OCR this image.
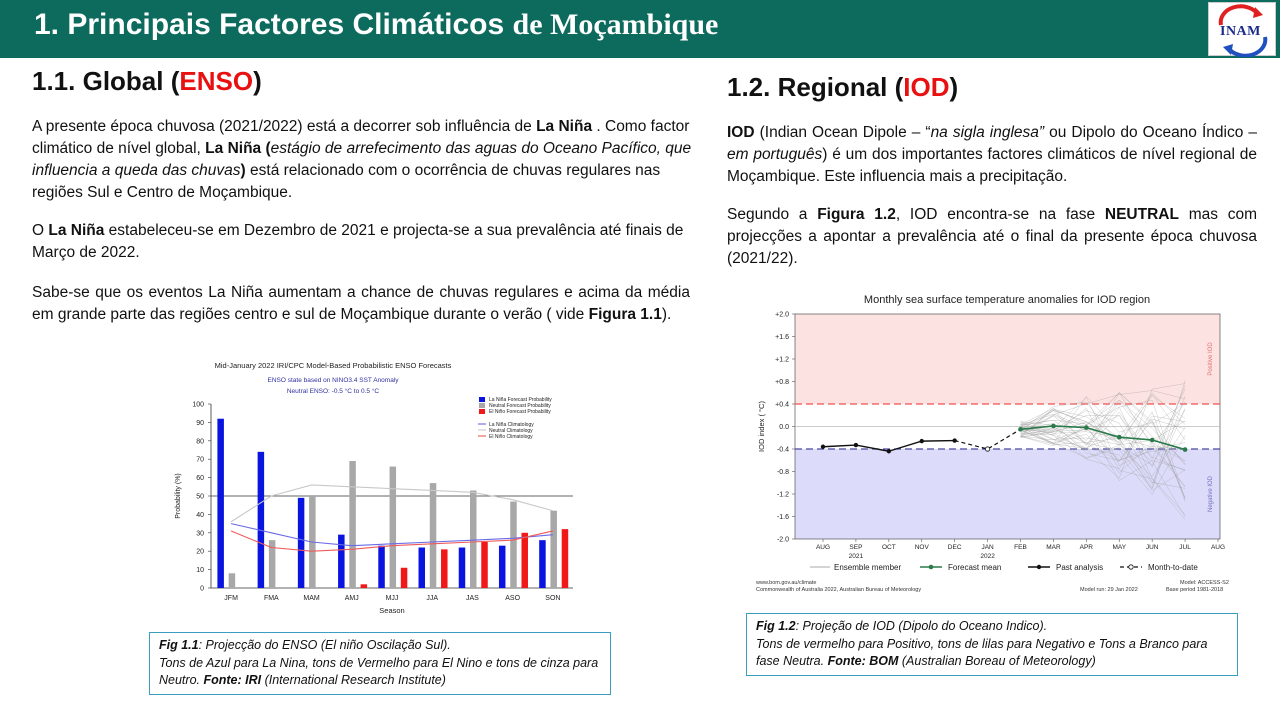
1. Principais Factores Climáticos de Moçambique	INAM
1.1. Global (ENSO)
A presente época chuvosa (2021/2022) está a decorrer sob influência de La Niña . Como factor climático de nível global, La Niña (estágio de arrefecimento das aguas do Oceano Pacífico, que influencia a queda das chuvas) está relacionado com o ocorrência de chuvas regulares nas regiões Sul e Centro de Moçambique.
O La Niña estabeleceu-se em Dezembro de 2021 e projecta-se a sua prevalência até finais de Março de 2022.
Sabe-se que os eventos La Niña aumentam a chance de chuvas regulares e acima da média em grande parte das regiões centro e sul de Moçambique durante o verão ( vide Figura 1.1).
Mid-January 2022 IRI/CPC Model-Based Probabilistic ENSO Forecasts
ENSO state based on NINO3.4 SST Anomaly
Neutral ENSO: -0.5 °C to 0.5 °C
0
10
20
30
40
50
60
70
80
90
100
Probability (%)
JFM	FMA	MAM	AMJ	MJJ	JJA	JAS	ASO	SON
Season
La Niña Forecast Probability
Neutral Forecast Probability
El Niño Forecast Probability
La Niña Climatology
Neutral Climatology
El Niño Climatology
Fig 1.1: Projecção do ENSO (El niño Oscilação Sul).
Tons de Azul para La Nina, tons de Vermelho para El Nino e tons de cinza para Neutro. Fonte: IRI (International Research Institute)
1.2. Regional (IOD)
IOD (Indian Ocean Dipole – “na sigla inglesa” ou Dipolo do Oceano Índico – em português) é um dos importantes factores climáticos de nível regional de Moçambique. Este influencia mais a precipitação.
Segundo a Figura 1.2, IOD encontra-se na fase NEUTRAL mas com projecções a apontar a prevalência até o final da presente época chuvosa (2021/22).
Monthly sea surface temperature anomalies for IOD region
+2.0
+1.6
+1.2
+0.8
+0.4
0.0
-0.4
-0.8
-1.2
-1.6
-2.0
IOD index ( °C)
Positive IOD
Negative IOD
AUG	SEP	OCT	NOV	DEC	JAN	FEB	MAR	APR	MAY	JUN	JUL	AUG
2021	2022
Ensemble member	Forecast mean	Past analysis	Month-to-date
www.bom.gov.au/climate
Commonwealth of Australia 2022, Australian Bureau of Meteorology	Model run: 29 Jan 2022
Model: ACCESS-S2
Base period 1981-2018
Fig 1.2: Projeção de IOD (Dipolo do Oceano Indico).
Tons de vermelho para Positivo, tons de lilas para Negativo e Tons a Branco para fase Neutra. Fonte: BOM (Australian Boreau of Meteorology)
